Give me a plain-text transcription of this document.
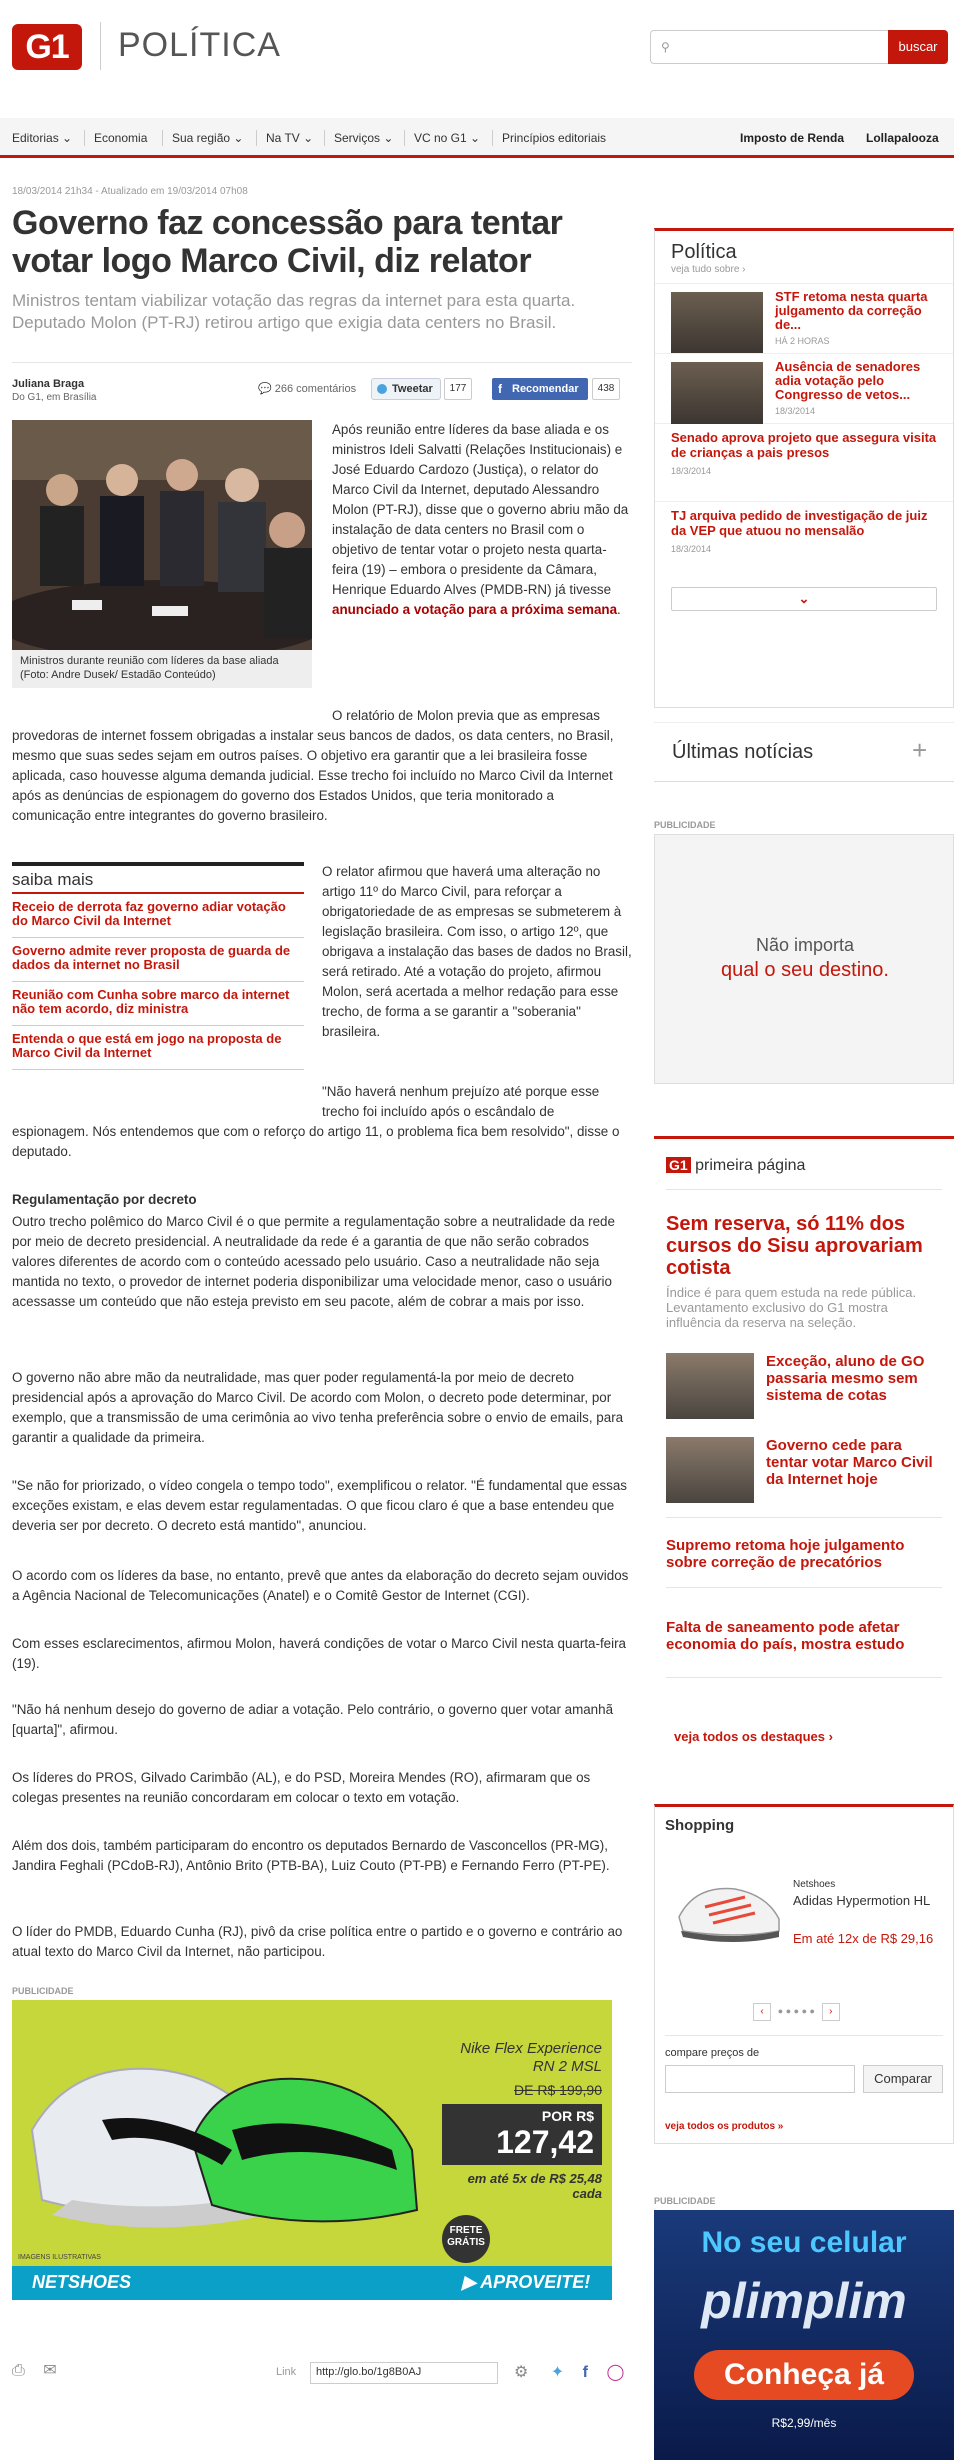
G1	POLÍTICA	⚲	buscar
Editorias ⌄ Economia Sua região ⌄ Na TV ⌄ Serviços ⌄ VC no G1 ⌄ Princípios editoriais	Imposto de Renda Lollapalooza
18/03/2014 21h34 - Atualizado em 19/03/2014 07h08
Governo faz concessão para tentar votar logo Marco Civil, diz relator
Ministros tentam viabilizar votação das regras da internet para esta quarta. Deputado Molon (PT-RJ) retirou artigo que exigia data centers no Brasil.
Juliana Braga
Do G1, em Brasília
💬 266 comentários	Tweetar	177
f	Recomendar	438
Ministros durante reunião com líderes da base aliada (Foto: Andre Dusek/ Estadão Conteúdo)
Após reunião entre líderes da base aliada e os ministros Ideli Salvatti (Relações Institucionais) e José Eduardo Cardozo (Justiça), o relator do Marco Civil da Internet, deputado Alessandro Molon (PT-RJ), disse que o governo abriu mão da instalação de data centers no Brasil com o objetivo de tentar votar o projeto nesta quarta-feira (19) – embora o presidente da Câmara, Henrique Eduardo Alves (PMDB-RN) já tivesse anunciado a votação para a próxima semana.
O relatório de Molon previa que as empresas provedoras de internet fossem obrigadas a instalar seus bancos de dados, os data centers, no Brasil, mesmo que suas sedes sejam em outros países. O objetivo era garantir que a lei brasileira fosse aplicada, caso houvesse alguma demanda judicial. Esse trecho foi incluído no Marco Civil da Internet após as denúncias de espionagem do governo dos Estados Unidos, que teria monitorado a comunicação entre integrantes do governo brasileiro.
saiba mais
Receio de derrota faz governo adiar votação do Marco Civil da Internet
Governo admite rever proposta de guarda de dados da internet no Brasil
Reunião com Cunha sobre marco da internet não tem acordo, diz ministra
Entenda o que está em jogo na proposta de Marco Civil da Internet
O relator afirmou que haverá uma alteração no artigo 11º do Marco Civil, para reforçar a obrigatoriedade de as empresas se submeterem à legislação brasileira. Com isso, o artigo 12º, que obrigava a instalação das bases de dados no Brasil, será retirado. Até a votação do projeto, afirmou Molon, será acertada a melhor redação para esse trecho, de forma a se garantir a "soberania" brasileira.
"Não haverá nenhum prejuízo até porque esse trecho foi incluído após o escândalo de
espionagem. Nós entendemos que com o reforço do artigo 11, o problema fica bem resolvido", disse o deputado.
Regulamentação por decreto
Outro trecho polêmico do Marco Civil é o que permite a regulamentação sobre a neutralidade da rede por meio de decreto presidencial. A neutralidade da rede é a garantia de que não serão cobrados valores diferentes de acordo com o conteúdo acessado pelo usuário. Caso a neutralidade não seja mantida no texto, o provedor de internet poderia disponibilizar uma velocidade menor, caso o usuário acessasse um conteúdo que não esteja previsto em seu pacote, além de cobrar a mais por isso.
O governo não abre mão da neutralidade, mas quer poder regulamentá-la por meio de decreto presidencial após a aprovação do Marco Civil. De acordo com Molon, o decreto pode determinar, por exemplo, que a transmissão de uma cerimônia ao vivo tenha preferência sobre o envio de emails, para garantir a qualidade da primeira.
"Se não for priorizado, o vídeo congela o tempo todo", exemplificou o relator. "É fundamental que essas exceções existam, e elas devem estar regulamentadas. O que ficou claro é que a base entendeu que deveria ser por decreto. O decreto está mantido", anunciou.
O acordo com os líderes da base, no entanto, prevê que antes da elaboração do decreto sejam ouvidos a Agência Nacional de Telecomunicações (Anatel) e o Comitê Gestor de Internet (CGI).
Com esses esclarecimentos, afirmou Molon, haverá condições de votar o Marco Civil nesta quarta-feira (19).
"Não há nenhum desejo do governo de adiar a votação. Pelo contrário, o governo quer votar amanhã [quarta]", afirmou.
Os líderes do PROS, Gilvado Carimbão (AL), e do PSD, Moreira Mendes (RO), afirmaram que os colegas presentes na reunião concordaram em colocar o texto em votação.
Além dos dois, também participaram do encontro os deputados Bernardo de Vasconcellos (PR-MG), Jandira Feghali (PCdoB-RJ), Antônio Brito (PTB-BA), Luiz Couto (PT-PB) e Fernando Ferro (PT-PE).
O líder do PMDB, Eduardo Cunha (RJ), pivô da crise política entre o partido e o governo e contrário ao atual texto do Marco Civil da Internet, não participou.
PUBLICIDADE
Nike Flex Experience RN 2 MSL
DE R$ 199,90
POR R$ 127,42
em até 5x de R$ 25,48 cada
FRETE GRÁTIS
IMAGENS ILUSTRATIVAS
NETSHOES	▶ APROVEITE!
⎙ ✉	Link	http://glo.bo/1g8B0AJ	⚙ ✦ f ◯
Política
veja tudo sobre ›
STF retoma nesta quarta julgamento da correção de...
HÁ 2 HORAS
Ausência de senadores adia votação pelo Congresso de vetos...
18/3/2014
Senado aprova projeto que assegura visita de crianças a pais presos
18/3/2014
TJ arquiva pedido de investigação de juiz da VEP que atuou no mensalão
18/3/2014
⌄
Últimas notícias	+
PUBLICIDADE
Não importa
qual o seu destino.
G1 primeira página
Sem reserva, só 11% dos cursos do Sisu aprovariam cotista
Índice é para quem estuda na rede pública. Levantamento exclusivo do G1 mostra influência da reserva na seleção.
Exceção, aluno de GO passaria mesmo sem sistema de cotas
Governo cede para tentar votar Marco Civil da Internet hoje
Supremo retoma hoje julgamento sobre correção de precatórios
Falta de saneamento pode afetar economia do país, mostra estudo
veja todos os destaques ›
Shopping
Netshoes
Adidas Hypermotion HL
Em até 12x de R$ 29,16
‹ ● ● ● ● ● ›
compare preços de
Comparar
veja todos os produtos »
PUBLICIDADE
No seu celular
plimplim
Conheça já
R$2,99/mês
